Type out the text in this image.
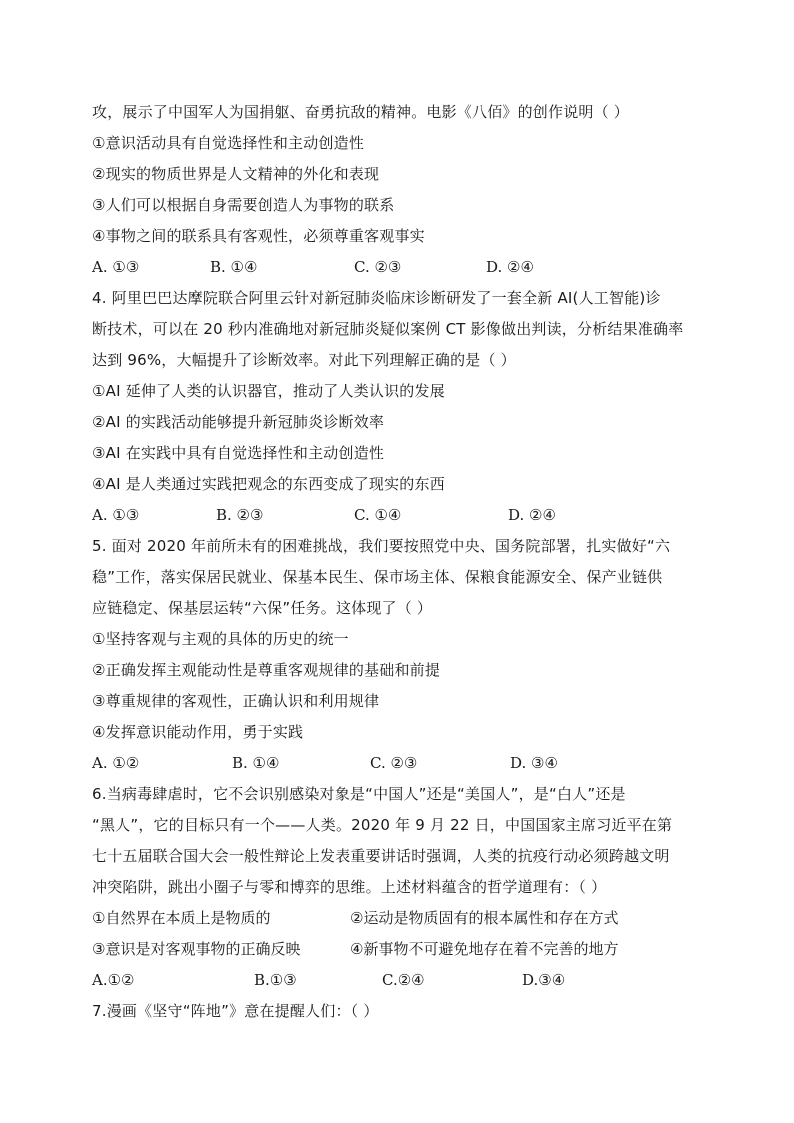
攻，展示了中国军人为国捐躯、奋勇抗敌的精神。电影《八佰》的创作说明（ ）
①意识活动具有自觉选择性和主动创造性
②现实的物质世界是人文精神的外化和表现
③人们可以根据自身需要创造人为事物的联系
④事物之间的联系具有客观性，必须尊重客观事实
A. ①③	B. ①④	C. ②③	D. ②④
4. 阿里巴巴达摩院联合阿里云针对新冠肺炎临床诊断研发了一套全新 AI(人工智能)诊
断技术，可以在 20 秒内准确地对新冠肺炎疑似案例 CT 影像做出判读，分析结果准确率
达到 96%，大幅提升了诊断效率。对此下列理解正确的是（ ）
①AI 延伸了人类的认识器官，推动了人类认识的发展
②AI 的实践活动能够提升新冠肺炎诊断效率
③AI 在实践中具有自觉选择性和主动创造性
④AI 是人类通过实践把观念的东西变成了现实的东西
A. ①③	B. ②③	C. ①④	D. ②④
5. 面对 2020 年前所未有的困难挑战，我们要按照党中央、国务院部署，扎实做好“六
稳”工作，落实保居民就业、保基本民生、保市场主体、保粮食能源安全、保产业链供
应链稳定、保基层运转“六保”任务。这体现了（ ）
①坚持客观与主观的具体的历史的统一
②正确发挥主观能动性是尊重客观规律的基础和前提
③尊重规律的客观性，正确认识和利用规律
④发挥意识能动作用，勇于实践
A. ①②	B. ①④	C. ②③	D. ③④
6.当病毒肆虐时，它不会识别感染对象是“中国人”还是“美国人”，是“白人”还是
“黑人”，它的目标只有一个——人类。2020 年 9 月 22 日，中国国家主席习近平在第
七十五届联合国大会一般性辩论上发表重要讲话时强调，人类的抗疫行动必须跨越文明
冲突陷阱，跳出小圈子与零和博弈的思维。上述材料蕴含的哲学道理有：（ ）
①自然界在本质上是物质的	②运动是物质固有的根本属性和存在方式
③意识是对客观事物的正确反映	④新事物不可避免地存在着不完善的地方
A.①②	B.①③	C.②④	D.③④
7.漫画《坚守“阵地”》意在提醒人们：（ ）
